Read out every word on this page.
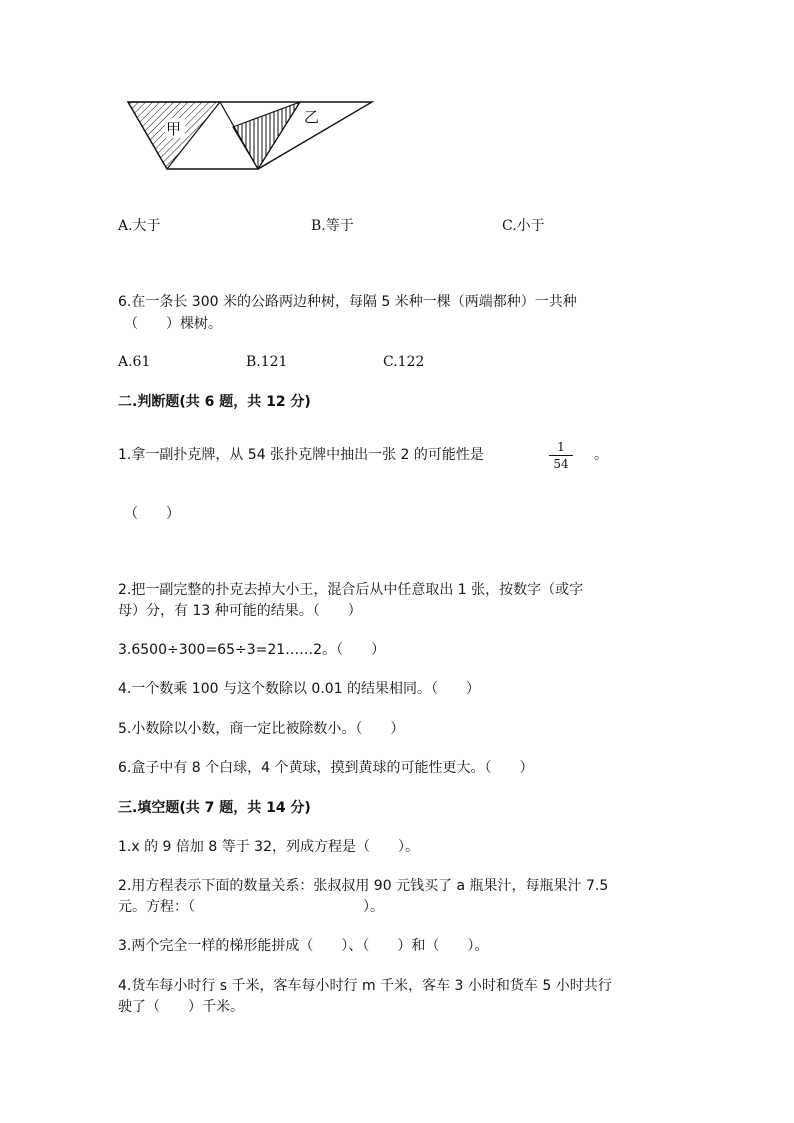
甲
乙
A.大于	B.等于	C.小于
6.在一条长 300 米的公路两边种树，每隔 5 米种一棵（两端都种）一共种
（　　）棵树。
A.61	B.121	C.122
二.判断题(共 6 题，共 12 分)
1.拿一副扑克牌，从 54 张扑克牌中抽出一张 2 的可能性是	1
54
。
（　　）
2.把一副完整的扑克去掉大小王，混合后从中任意取出 1 张，按数字（或字
母）分，有 13 种可能的结果。（　　）
3.6500÷300=65÷3=21……2。（　　）
4.一个数乘 100 与这个数除以 0.01 的结果相同。（　　）
5.小数除以小数，商一定比被除数小。（　　）
6.盒子中有 8 个白球，4 个黄球，摸到黄球的可能性更大。（　　）
三.填空题(共 7 题，共 14 分)
1.x 的 9 倍加 8 等于 32，列成方程是（　　）。
2.用方程表示下面的数量关系：张叔叔用 90 元钱买了 a 瓶果汁，每瓶果汁 7.5
元。方程：（　　　　　　　　　　　　）。
3.两个完全一样的梯形能拼成（　　）、（　　）和（　　）。
4.货车每小时行 s 千米，客车每小时行 m 千米，客车 3 小时和货车 5 小时共行
驶了（　　）千米。
